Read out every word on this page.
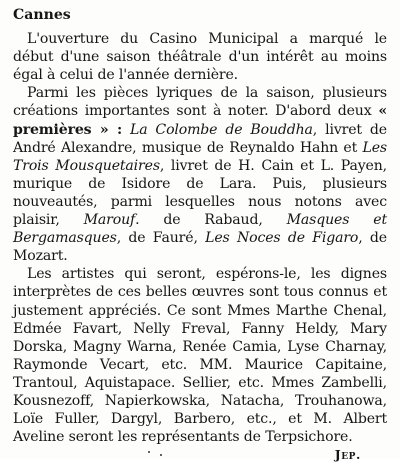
Cannes

L'ouverture du Casino Municipal a marqué le début d'une saison théâtrale d'un intérêt au moins égal à celui de l'année dernière.

Parmi les pièces lyriques de la saison, plusieurs créations importantes sont à noter. D'abord deux « premières » : La Colombe de Bouddha, livret de André Alexandre, musique de Reynaldo Hahn et Les Trois Mousquetaires, livret de H. Cain et L. Payen, murique de Isidore de Lara. Puis, plusieurs nouveautés, parmi lesquelles nous notons avec plaisir, Marouf. de Rabaud, Masques et Bergamasques, de Fauré, Les Noces de Figaro, de Mozart.

Les artistes qui seront, espérons-le, les dignes interprètes de ces belles œuvres sont tous connus et justement appréciés. Ce sont Mmes Marthe Chenal, Edmée Favart, Nelly Freval, Fanny Heldy, Mary Dorska, Magny Warna, Renée Camia, Lyse Charnay, Raymonde Vecart, etc. MM. Maurice Capitaine, Trantoul, Aquistapace. Sellier, etc. Mmes Zambelli, Kousnezoff, Napierkowska, Natacha, Trouhanowa, Loïe Fuller, Dargyl, Barbero, etc., et M. Albert Aveline seront les représentants de Terpsichore.

Jep.
